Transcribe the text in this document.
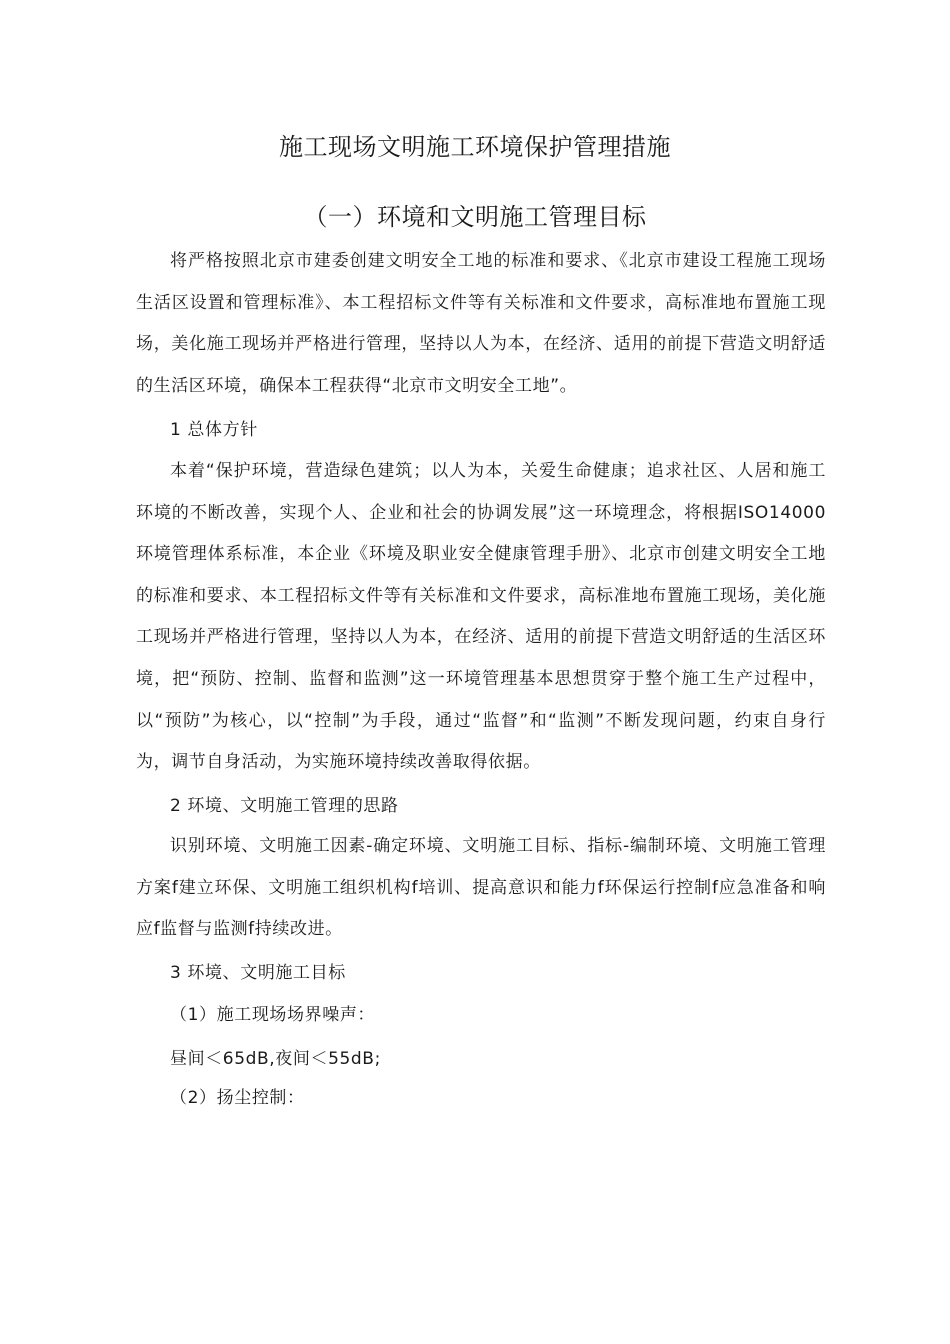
施工现场文明施工环境保护管理措施
（一）环境和文明施工管理目标

将严格按照北京市建委创建文明安全工地的标准和要求、《北京市建设工程施工现场生活区设置和管理标准》、本工程招标文件等有关标准和文件要求，高标准地布置施工现场，美化施工现场并严格进行管理，坚持以人为本，在经济、适用的前提下营造文明舒适的生活区环境，确保本工程获得“北京市文明安全工地”。

1 总体方针

本着“保护环境，营造绿色建筑；以人为本，关爱生命健康；追求社区、人居和施工环境的不断改善，实现个人、企业和社会的协调发展”这一环境理念，将根据ISO14000环境管理体系标准，本企业《环境及职业安全健康管理手册》、北京市创建文明安全工地的标准和要求、本工程招标文件等有关标准和文件要求，高标准地布置施工现场，美化施工现场并严格进行管理，坚持以人为本，在经济、适用的前提下营造文明舒适的生活区环境，把“预防、控制、监督和监测”这一环境管理基本思想贯穿于整个施工生产过程中，以“预防”为核心，以“控制”为手段，通过“监督”和“监测”不断发现问题，约束自身行为，调节自身活动，为实施环境持续改善取得依据。

2 环境、文明施工管理的思路

识别环境、文明施工因素-确定环境、文明施工目标、指标-编制环境、文明施工管理方案f建立环保、文明施工组织机构f培训、提高意识和能力f环保运行控制f应急准备和响应f监督与监测f持续改进。

3 环境、文明施工目标

（1）施工现场场界噪声：

昼间＜65dB,夜间＜55dB;

（2）扬尘控制：
